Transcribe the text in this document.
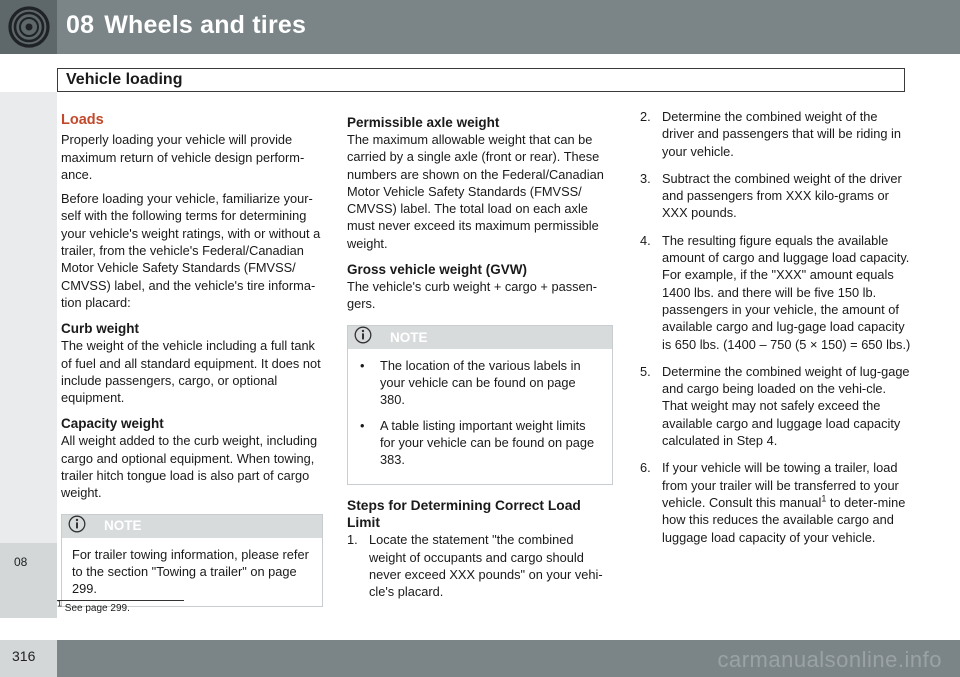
08 Wheels and tires
Vehicle loading
08
Loads

Properly loading your vehicle will provide maximum return of vehicle design perform-ance.

Before loading your vehicle, familiarize your-self with the following terms for determining your vehicle's weight ratings, with or without a trailer, from the vehicle's Federal/Canadian Motor Vehicle Safety Standards (FMVSS/ CMVSS) label, and the vehicle's tire informa-tion placard:

Curb weight

The weight of the vehicle including a full tank of fuel and all standard equipment. It does not include passengers, cargo, or optional equipment.

Capacity weight

All weight added to the curb weight, including cargo and optional equipment. When towing, trailer hitch tongue load is also part of cargo weight.

NOTE
For trailer towing information, please refer to the section "Towing a trailer" on page 299.
Permissible axle weight

The maximum allowable weight that can be carried by a single axle (front or rear). These numbers are shown on the Federal/Canadian Motor Vehicle Safety Standards (FMVSS/ CMVSS) label. The total load on each axle must never exceed its maximum permissible weight.

Gross vehicle weight (GVW)

The vehicle's curb weight + cargo + passen-gers.

NOTE
• The location of the various labels in your vehicle can be found on page 380.
• A table listing important weight limits for your vehicle can be found on page 383.
Steps for Determining Correct Load Limit
1. Locate the statement "the combined weight of occupants and cargo should never exceed XXX pounds" on your vehi-cle's placard.
2. Determine the combined weight of the driver and passengers that will be riding in your vehicle.
3. Subtract the combined weight of the driver and passengers from XXX kilo-grams or XXX pounds.
4. The resulting figure equals the available amount of cargo and luggage load capacity. For example, if the "XXX" amount equals 1400 lbs. and there will be five 150 lb. passengers in your vehicle, the amount of available cargo and lug-gage load capacity is 650 lbs. (1400 – 750 (5 × 150) = 650 lbs.)
5. Determine the combined weight of lug-gage and cargo being loaded on the vehi-cle. That weight may not safely exceed the available cargo and luggage load capacity calculated in Step 4.
6. If your vehicle will be towing a trailer, load from your trailer will be transferred to your vehicle. Consult this manual$^1$ to deter-mine how this reduces the available cargo and luggage load capacity of your vehicle.
$^1$ See page 299.
316	carmanualsonline.info
